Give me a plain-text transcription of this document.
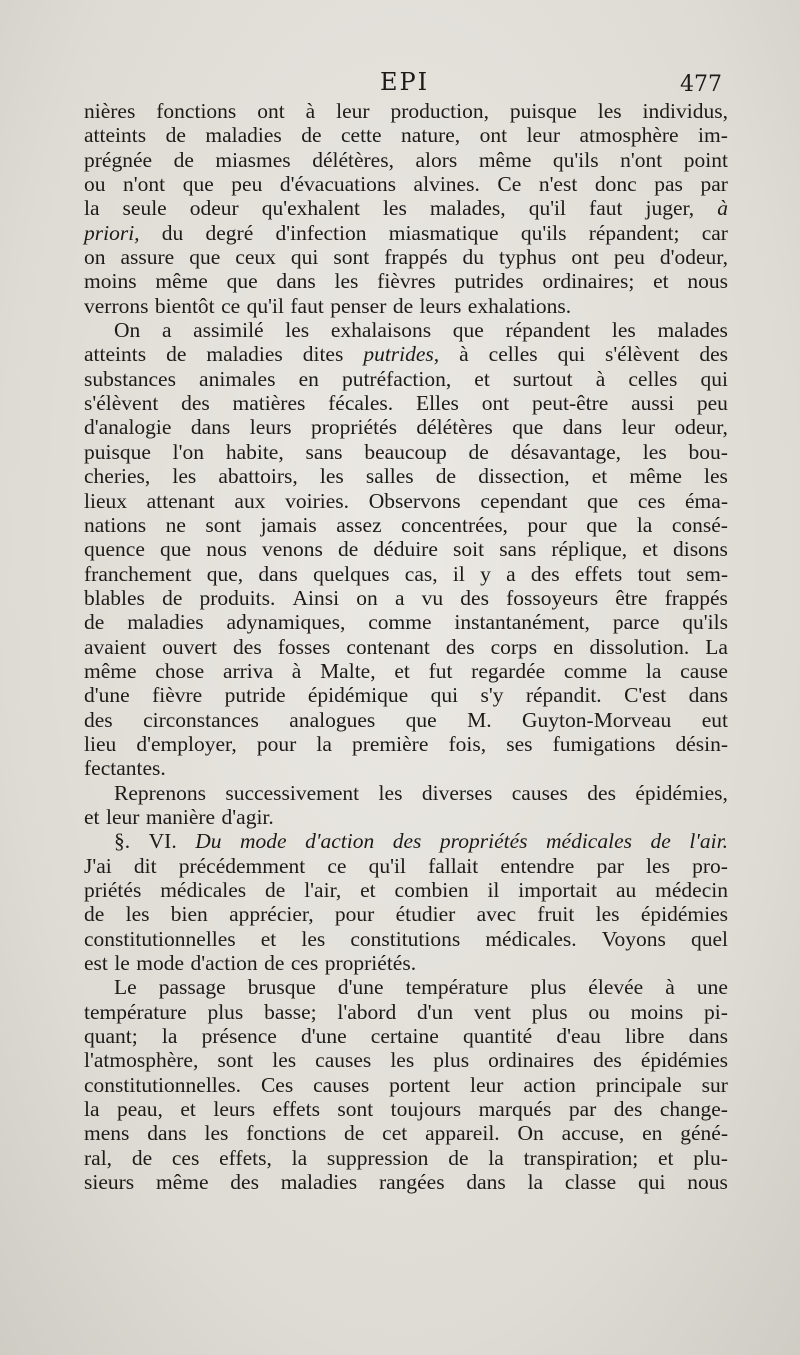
EPI	477
nières fonctions ont à leur production, puisque les individus,
atteints de maladies de cette nature, ont leur atmosphère im-
prégnée de miasmes délétères, alors même qu'ils n'ont point
ou n'ont que peu d'évacuations alvines. Ce n'est donc pas par
la seule odeur qu'exhalent les malades, qu'il faut juger, à
priori, du degré d'infection miasmatique qu'ils répandent; car
on assure que ceux qui sont frappés du typhus ont peu d'odeur,
moins même que dans les fièvres putrides ordinaires; et nous
verrons bientôt ce qu'il faut penser de leurs exhalations.
On a assimilé les exhalaisons que répandent les malades
atteints de maladies dites putrides, à celles qui s'élèvent des
substances animales en putréfaction, et surtout à celles qui
s'élèvent des matières fécales. Elles ont peut-être aussi peu
d'analogie dans leurs propriétés délétères que dans leur odeur,
puisque l'on habite, sans beaucoup de désavantage, les bou-
cheries, les abattoirs, les salles de dissection, et même les
lieux attenant aux voiries. Observons cependant que ces éma-
nations ne sont jamais assez concentrées, pour que la consé-
quence que nous venons de déduire soit sans réplique, et disons
franchement que, dans quelques cas, il y a des effets tout sem-
blables de produits. Ainsi on a vu des fossoyeurs être frappés
de maladies adynamiques, comme instantanément, parce qu'ils
avaient ouvert des fosses contenant des corps en dissolution. La
même chose arriva à Malte, et fut regardée comme la cause
d'une fièvre putride épidémique qui s'y répandit. C'est dans
des circonstances analogues que M. Guyton-Morveau eut
lieu d'employer, pour la première fois, ses fumigations désin-
fectantes.
Reprenons successivement les diverses causes des épidémies,
et leur manière d'agir.
§. VI. Du mode d'action des propriétés médicales de l'air.
J'ai dit précédemment ce qu'il fallait entendre par les pro-
priétés médicales de l'air, et combien il importait au médecin
de les bien apprécier, pour étudier avec fruit les épidémies
constitutionnelles et les constitutions médicales. Voyons quel
est le mode d'action de ces propriétés.
Le passage brusque d'une température plus élevée à une
température plus basse; l'abord d'un vent plus ou moins pi-
quant; la présence d'une certaine quantité d'eau libre dans
l'atmosphère, sont les causes les plus ordinaires des épidémies
constitutionnelles. Ces causes portent leur action principale sur
la peau, et leurs effets sont toujours marqués par des change-
mens dans les fonctions de cet appareil. On accuse, en géné-
ral, de ces effets, la suppression de la transpiration; et plu-
sieurs même des maladies rangées dans la classe qui nous
